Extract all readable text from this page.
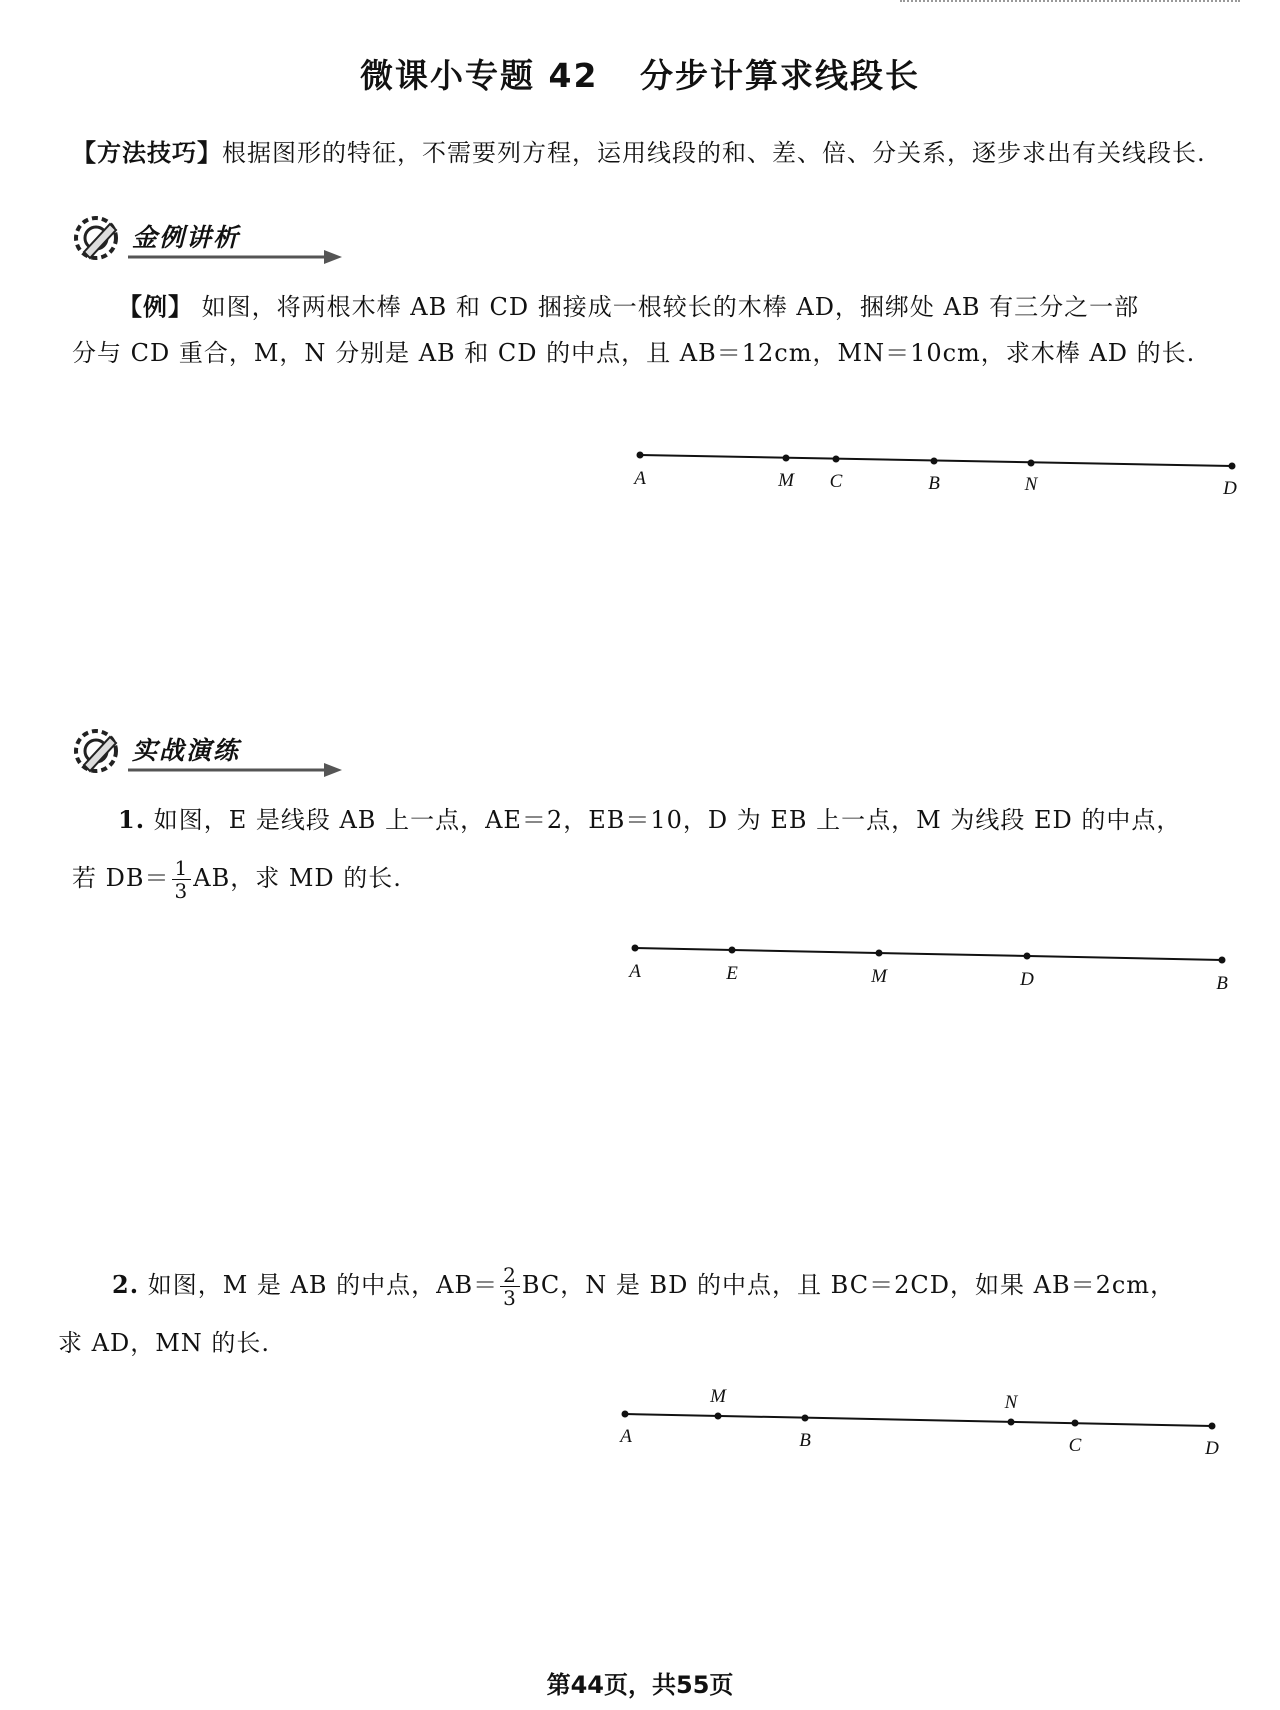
微课小专题 42 分步计算求线段长
【方法技巧】根据图形的特征，不需要列方程，运用线段的和、差、倍、分关系，逐步求出有关线段长.
金例讲析
【例】 如图，将两根木棒 AB 和 CD 捆接成一根较长的木棒 AD，捆绑处 AB 有三分之一部
分与 CD 重合，M，N 分别是 AB 和 CD 的中点，且 AB＝12cm，MN＝10cm，求木棒 AD 的长.
A	M C	B	N	D
实战演练
1. 如图，E 是线段 AB 上一点，AE＝2，EB＝10，D 为 EB 上一点，M 为线段 ED 的中点，
若 $DB= \frac{1}{3}$ AB，求 MD 的长.
A	E	M	D	B
2. 如图，M 是 AB 的中点，$AB= \frac{2}{3}$ BC，N 是 BD 的中点，且 BC＝2CD，如果 AB＝2cm，
求 AD，MN 的长.
A
M
B
N
C	D
第44页，共55页
